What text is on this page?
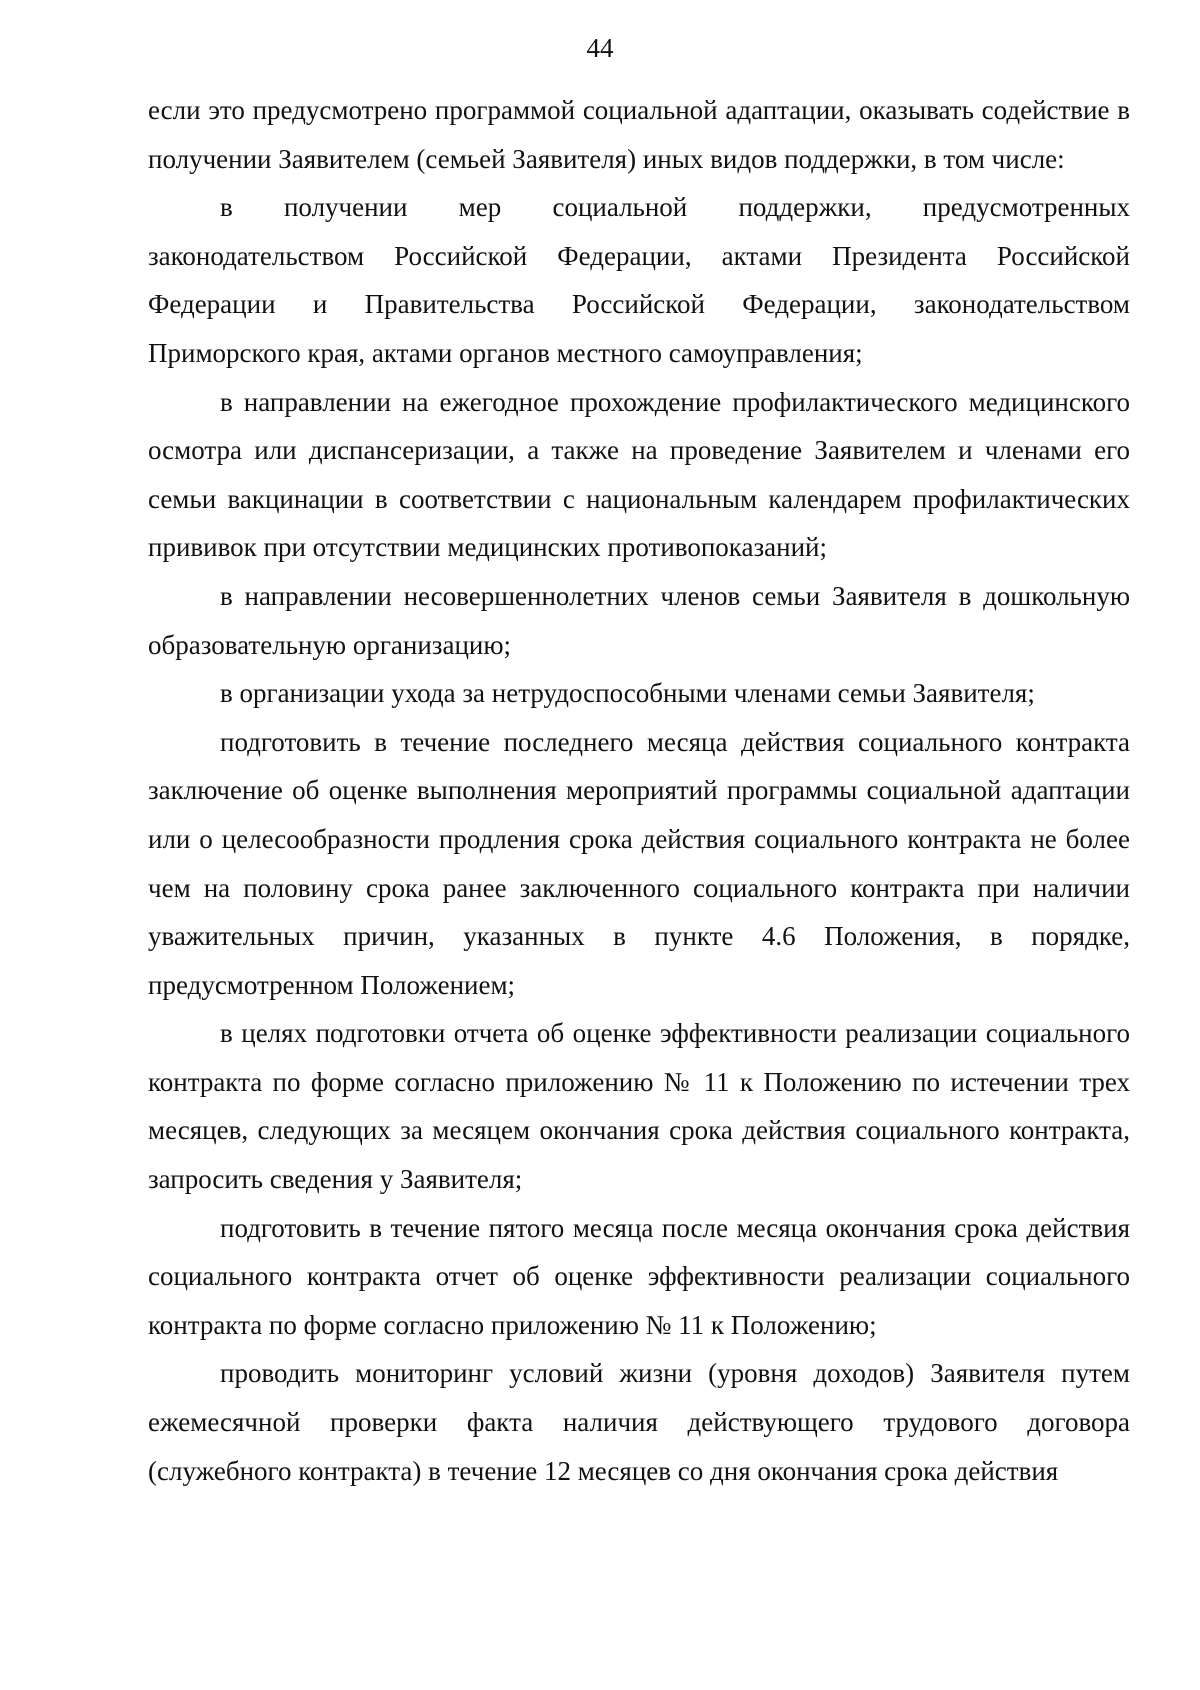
44

если это предусмотрено программой социальной адаптации, оказывать содействие в получении Заявителем (семьей Заявителя) иных видов поддержки, в том числе:

в получении мер социальной поддержки, предусмотренных законодательством Российской Федерации, актами Президента Российской Федерации и Правительства Российской Федерации, законодательством Приморского края, актами органов местного самоуправления;

в направлении на ежегодное прохождение профилактического медицинского осмотра или диспансеризации, а также на проведение Заявителем и членами его семьи вакцинации в соответствии с национальным календарем профилактических прививок при отсутствии медицинских противопоказаний;

в направлении несовершеннолетних членов семьи Заявителя в дошкольную образовательную организацию;

в организации ухода за нетрудоспособными членами семьи Заявителя;

подготовить в течение последнего месяца действия социального контракта заключение об оценке выполнения мероприятий программы социальной адаптации или о целесообразности продления срока действия социального контракта не более чем на половину срока ранее заключенного социального контракта при наличии уважительных причин, указанных в пункте 4.6 Положения, в порядке, предусмотренном Положением;

в целях подготовки отчета об оценке эффективности реализации социального контракта по форме согласно приложению № 11 к Положению по истечении трех месяцев, следующих за месяцем окончания срока действия социального контракта, запросить сведения у Заявителя;

подготовить в течение пятого месяца после месяца окончания срока действия социального контракта отчет об оценке эффективности реализации социального контракта по форме согласно приложению № 11 к Положению;

проводить мониторинг условий жизни (уровня доходов) Заявителя путем ежемесячной проверки факта наличия действующего трудового договора (служебного контракта) в течение 12 месяцев со дня окончания срока действия
